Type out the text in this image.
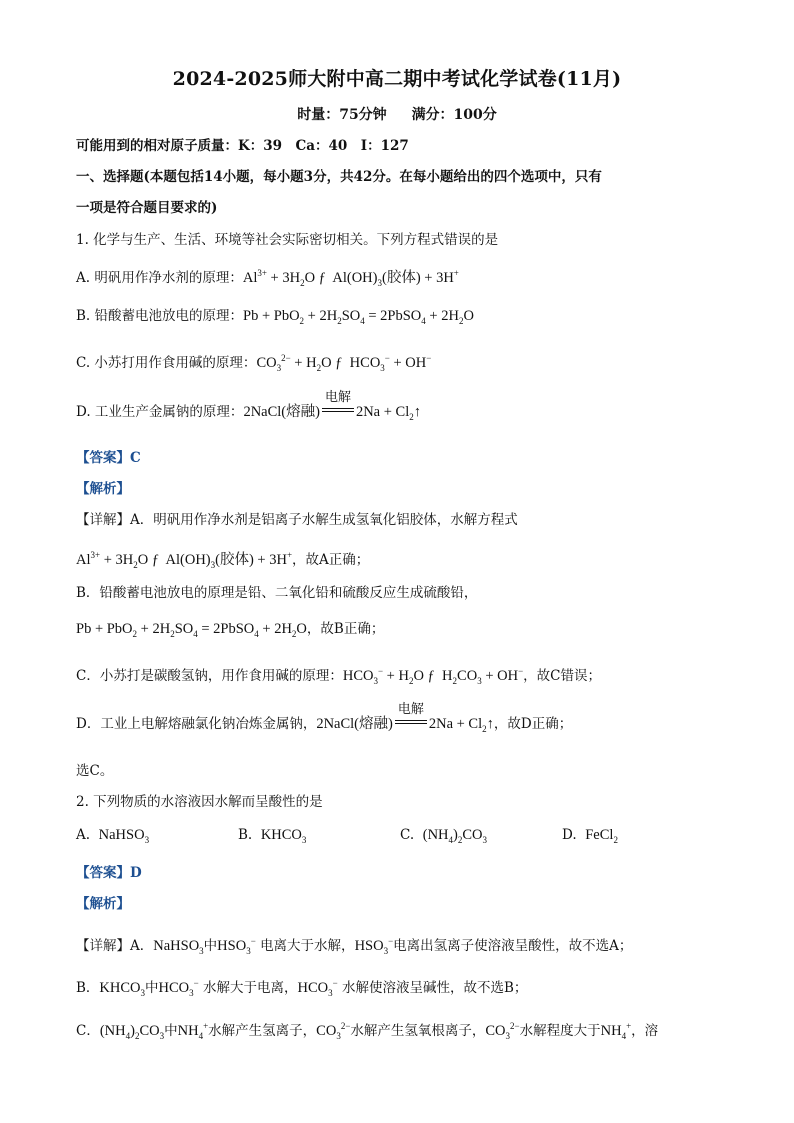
2024-2025师大附中高二期中考试化学试卷(11月)
时量：75分钟 满分：100分
可能用到的相对原子质量：K：39　Ca：40　I：127
一、选择题(本题包括14小题，每小题3分，共42分。在每小题给出的四个选项中，只有
一项是符合题目要求的)
1. 化学与生产、生活、环境等社会实际密切相关。下列方程式错误的是
A. 明矾用作净水剂的原理：$Al^{3+} + 3H_2O$ ƒ  $Al(OH)_3$(胶体) + 3H+
B. 铅酸蓄电池放电的原理：$Pb + PbO_2 + 2H_2SO_4$ = 2PbSO$_4$ + $2H_2O$
C. 小苏打用作食用碱的原理：$CO_3^{2-} + H_2O$ ƒ  $HCO_3^- + OH^-$
D. 工业生产金属钠的原理：2NaCl(熔融)
电解
$2Na + Cl_2↑$
【答案】C
【解析】
【详解】A．明矾用作净水剂是铝离子水解生成氢氧化铝胶体，水解方程式
$Al^{3+} + 3H_2O$ ƒ  $Al(OH)_3$(胶体) + 3H+，故A正确；
B．铅酸蓄电池放电的原理是铅、二氧化铅和硫酸反应生成硫酸铅，
$Pb + PbO_2 + 2H_2SO_4$ = 2PbSO$_4$ + $2H_2O$，故B正确；
C．小苏打是碳酸氢钠，用作食用碱的原理：$HCO_3^- + H_2O$ ƒ  $H_2CO_3 + OH^-$，故C错误；
D．工业上电解熔融氯化钠冶炼金属钠，2NaCl(熔融)
电解
$2Na + Cl_2↑$，故D正确；
选C。
2. 下列物质的水溶液因水解而呈酸性的是
A. NaHSO$_3$	B. $KHCO_3$	C. $(NH_4)_2CO_3$	D. FeCl$_2$
【答案】D
【解析】
【详解】A．NaHSO$_3$中$HSO_3^-$ 电离大于水解，$HSO_3^-$电离出氢离子使溶液呈酸性，故不选A；
B．$KHCO_3$中$HCO_3^-$ 水解大于电离，$HCO_3^-$ 水解使溶液呈碱性，故不选B；
C．$(NH_4)_2CO_3$中$NH_4^+$水解产生氢离子，$CO_3^{2-}$水解产生氢氧根离子，$CO_3^{2-}$水解程度大于$NH_4^+$，溶
